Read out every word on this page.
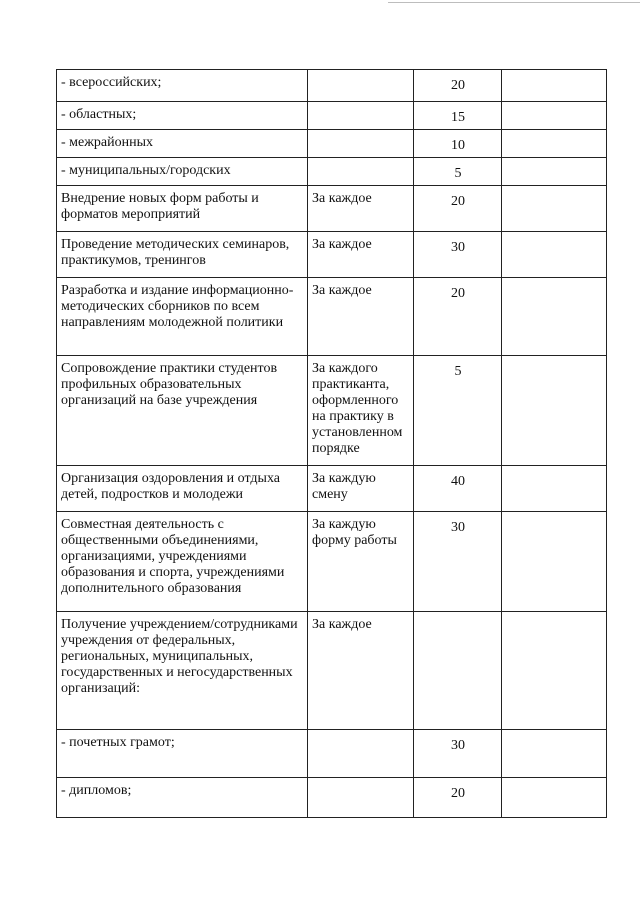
- всероссийских;		20	
- областных;		15	
- межрайонных		10	
- муниципальных/городских		5	
Внедрение новых форм работы и форматов мероприятий	За каждое	20	
Проведение методических семинаров, практикумов, тренингов	За каждое	30	
Разработка и издание информационно-методических сборников по всем направлениям молодежной политики	За каждое	20	
Сопровождение практики студентов профильных образовательных организаций на базе учреждения	За каждого практиканта, оформленного на практику в установленном порядке	5	
Организация оздоровления и отдыха детей, подростков и молодежи	За каждую смену	40	
Совместная деятельность с общественными объединениями, организациями, учреждениями образования и спорта, учреждениями дополнительного образования	За каждую форму работы	30	
Получение учреждением/сотрудниками учреждения от федеральных, региональных, муниципальных, государственных и негосударственных организаций:	За каждое		
- почетных грамот;		30	
- дипломов;		20	
